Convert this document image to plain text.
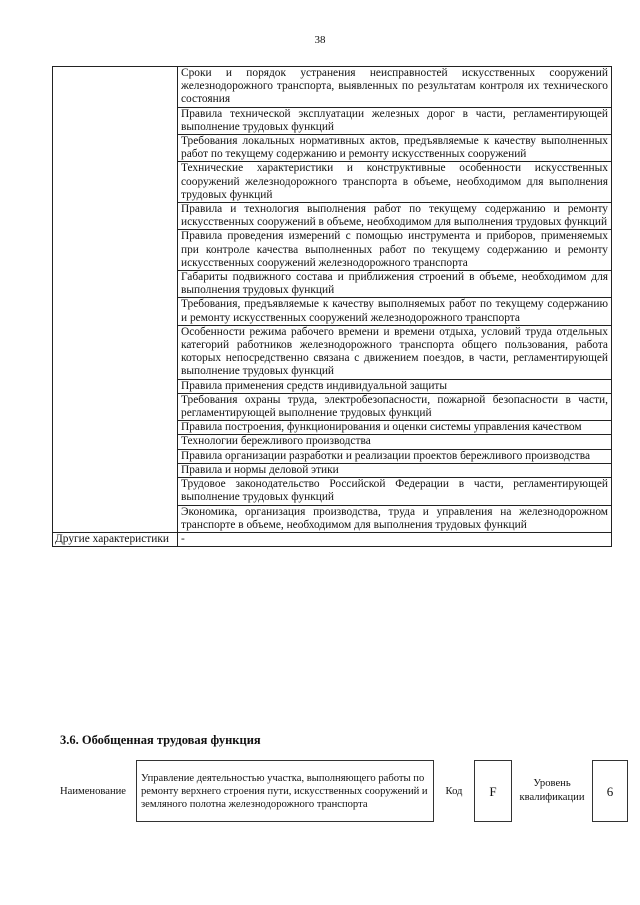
38
	Сроки и порядок устранения неисправностей искусственных сооружений железнодорожного транспорта, выявленных по результатам контроля их технического состояния
	Правила технической эксплуатации железных дорог в части, регламентирующей выполнение трудовых функций
	Требования локальных нормативных актов, предъявляемые к качеству выполненных работ по текущему содержанию и ремонту искусственных сооружений
	Технические характеристики и конструктивные особенности искусственных сооружений железнодорожного транспорта в объеме, необходимом для выполнения трудовых функций
	Правила и технология выполнения работ по текущему содержанию и ремонту искусственных сооружений в объеме, необходимом для выполнения трудовых функций
	Правила проведения измерений с помощью инструмента и приборов, применяемых при контроле качества выполненных работ по текущему содержанию и ремонту искусственных сооружений железнодорожного транспорта
	Габариты подвижного состава и приближения строений в объеме, необходимом для выполнения трудовых функций
	Требования, предъявляемые к качеству выполняемых работ по текущему содержанию и ремонту искусственных сооружений железнодорожного транспорта
	Особенности режима рабочего времени и времени отдыха, условий труда отдельных категорий работников железнодорожного транспорта общего пользования, работа которых непосредственно связана с движением поездов, в части, регламентирующей выполнение трудовых функций
	Правила применения средств индивидуальной защиты
	Требования охраны труда, электробезопасности, пожарной безопасности в части, регламентирующей выполнение трудовых функций
	Правила построения, функционирования и оценки системы управления качеством
	Технологии бережливого производства
	Правила организации разработки и реализации проектов бережливого производства
	Правила и нормы деловой этики
	Трудовое законодательство Российской Федерации в части, регламентирующей выполнение трудовых функций
	Экономика, организация производства, труда и управления на железнодорожном транспорте в объеме, необходимом для выполнения трудовых функций
Другие характеристики	-
3.6. Обобщенная трудовая функция
Наименование	Управление деятельностью участка, выполняющего работы по ремонту верхнего строения пути, искусственных сооружений и земляного полотна железнодорожного транспорта	Код	F	Уровень квалификации	6
